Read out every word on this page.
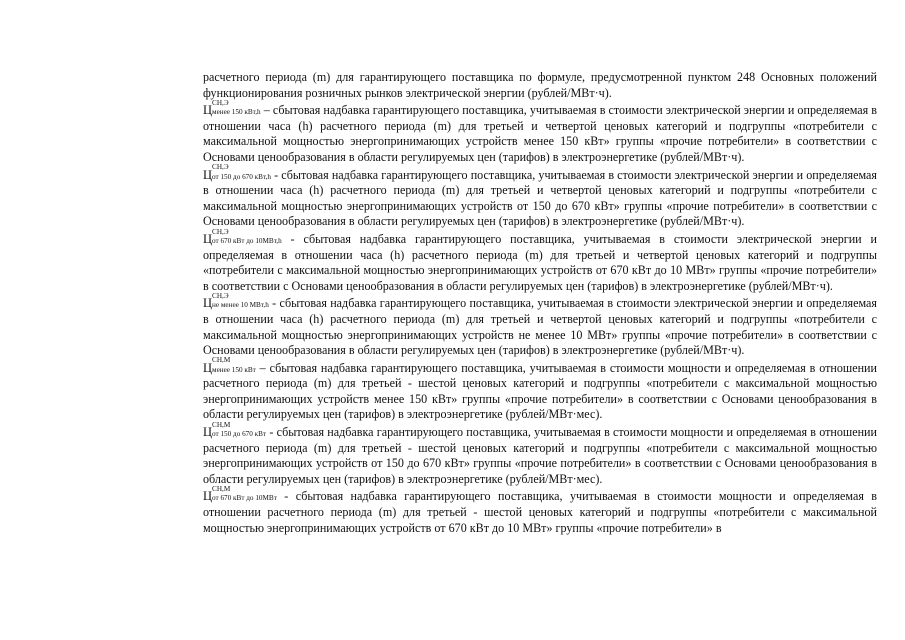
расчетного периода (m) для гарантирующего поставщика по формуле, предусмотренной пунктом 248 Основных положений функционирования розничных рынков электрической энергии (рублей/МВт·ч).

Ц
СН,Э
менее 150 кВт,h – сбытовая надбавка гарантирующего поставщика, учитываемая в стоимости электрической энергии и определяемая в отношении часа (h) расчетного периода (m) для третьей и четвертой ценовых категорий и подгруппы «потребители с максимальной мощностью энергопринимающих устройств менее 150 кВт» группы «прочие потребители» в соответствии с Основами ценообразования в области регулируемых цен (тарифов) в электроэнергетике (рублей/МВт·ч).
Ц
СН,Э
от 150 до 670 кВт,h - сбытовая надбавка гарантирующего поставщика, учитываемая в стоимости электрической энергии и определяемая в отношении часа (h) расчетного периода (m) для третьей и четвертой ценовых категорий и подгруппы «потребители с максимальной мощностью энергопринимающих устройств от 150 до 670 кВт» группы «прочие потребители» в соответствии с Основами ценообразования в области регулируемых цен (тарифов) в электроэнергетике (рублей/МВт·ч).
Ц
СН,Э
от 670 кВт до 10МВт,h - сбытовая надбавка гарантирующего поставщика, учитываемая в стоимости электрической энергии и определяемая в отношении часа (h) расчетного периода (m) для третьей и четвертой ценовых категорий и подгруппы «потребители с максимальной мощностью энергопринимающих устройств от 670 кВт до 10 МВт» группы «прочие потребители» в соответствии с Основами ценообразования в области регулируемых цен (тарифов) в электроэнергетике (рублей/МВт·ч).
Ц
СН,Э
не менее 10 МВт,h - сбытовая надбавка гарантирующего поставщика, учитываемая в стоимости электрической энергии и определяемая в отношении часа (h) расчетного периода (m) для третьей и четвертой ценовых категорий и подгруппы «потребители с максимальной мощностью энергопринимающих устройств не менее 10 МВт» группы «прочие потребители» в соответствии с Основами ценообразования в области регулируемых цен (тарифов) в электроэнергетике (рублей/МВт·ч).
Ц
СН,М
менее 150 кВт – сбытовая надбавка гарантирующего поставщика, учитываемая в стоимости мощности и определяемая в отношении расчетного периода (m) для третьей - шестой ценовых категорий и подгруппы «потребители с максимальной мощностью энергопринимающих устройств менее 150 кВт» группы «прочие потребители» в соответствии с Основами ценообразования в области регулируемых цен (тарифов) в электроэнергетике (рублей/МВт·мес).
Ц
СН,М
от 150 до 670 кВт - сбытовая надбавка гарантирующего поставщика, учитываемая в стоимости мощности и определяемая в отношении расчетного периода (m) для третьей - шестой ценовых категорий и подгруппы «потребители с максимальной мощностью энергопринимающих устройств от 150 до 670 кВт» группы «прочие потребители» в соответствии с Основами ценообразования в области регулируемых цен (тарифов) в электроэнергетике (рублей/МВт·мес).
Ц
СН,М
от 670 кВт до 10МВт - сбытовая надбавка гарантирующего поставщика, учитываемая в стоимости мощности и определяемая в отношении расчетного периода (m) для третьей - шестой ценовых категорий и подгруппы «потребители с максимальной мощностью энергопринимающих устройств от 670 кВт до 10 МВт» группы «прочие потребители» в
